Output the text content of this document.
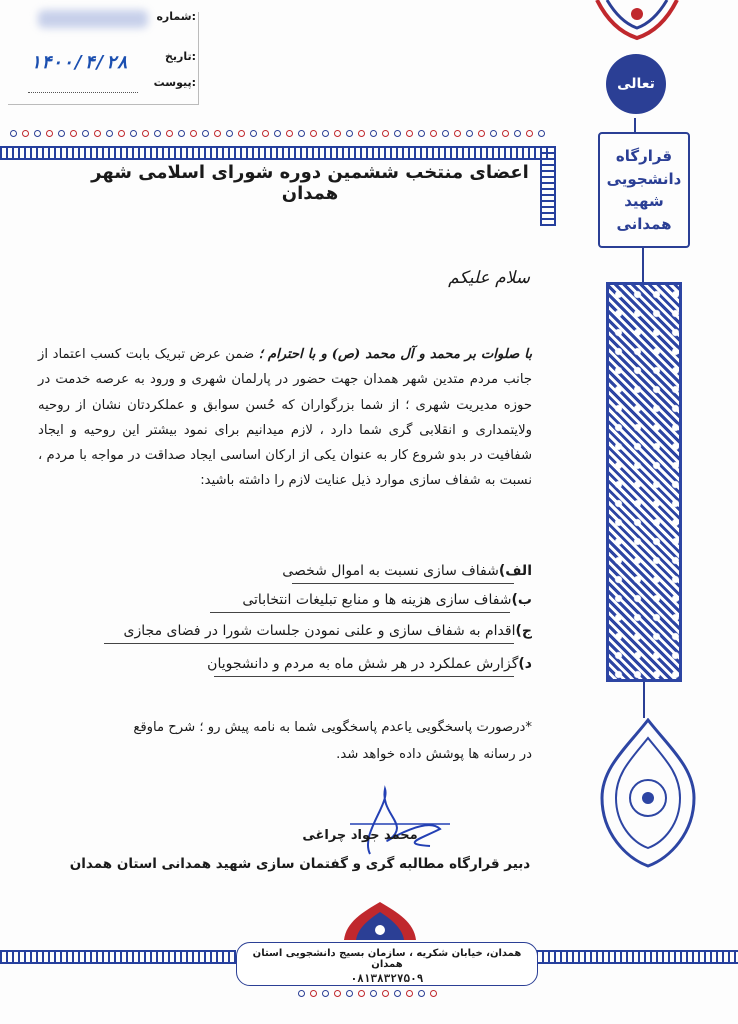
شماره:
تاریخ:
پیوست:
۱۴۰۰/۴/۲۸
تعالی
قرارگاه
دانشجویی
شهید
همدانی
اعضای منتخب ششمین دوره شورای اسلامی شهر همدان
سلام علیکم
با صلوات بر محمد و آل محمد (ص) و با احترام ؛ ضمن عرض تبریک بابت کسب اعتماد از جانب مردم متدین شهر همدان جهت حضور در پارلمان شهری و ورود به عرصه خدمت در حوزه مدیریت شهری ؛ از شما بزرگواران که حُسن سوابق و عملکردتان نشان از روحیه ولایتمداری و انقلابی گری شما دارد ، لازم میدانیم برای نمود بیشتر این روحیه و ایجاد شفافیت در بدو شروع کار به عنوان یکی از ارکان اساسی ایجاد صداقت در مواجه با مردم ، نسبت به شفاف سازی موارد ذیل عنایت لازم را داشته باشید:
الف)شفاف سازی نسبت به اموال شخصی
ب)شفاف سازی هزینه ها و منابع تبلیغات انتخاباتی
ج)اقدام به شفاف سازی و علنی نمودن جلسات شورا در فضای مجازی
د)گزارش عملکرد در هر شش ماه به مردم و دانشجویان
*درصورت پاسخگویی یاعدم پاسخگویی شما به نامه پیش رو ؛ شرح ماوقع
در رسانه ها پوشش داده خواهد شد.
محمد جواد چراغی
دبیر قرارگاه مطالبه گری و گفتمان سازی شهید همدانی استان همدان
همدان، خیابان شکریه ، سازمان بسیج دانشجویی استان همدان
۰۸۱۳۸۳۲۷۵۰۹
